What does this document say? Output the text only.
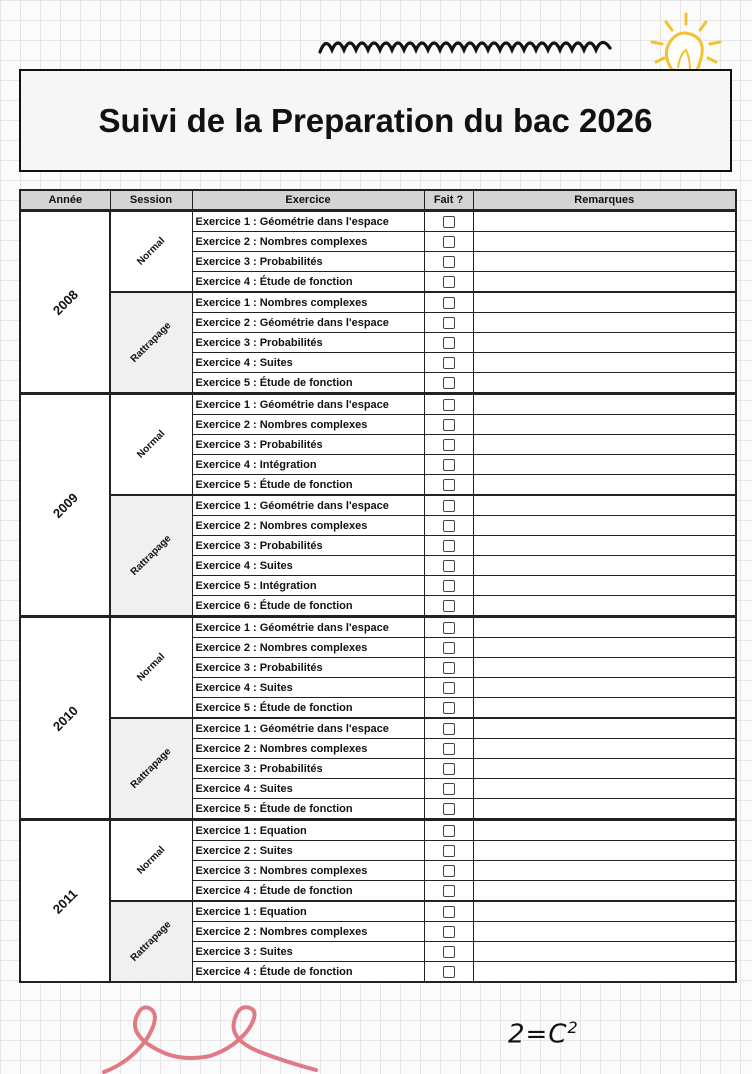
Suivi de la Preparation du bac 2026
Année	Session	Exercice	Fait ?	Remarques
2008	Normal	Exercice 1 : Géométrie dans l'espace		
		Exercice 2 : Nombres complexes		
		Exercice 3 : Probabilités		
		Exercice 4 : Étude de fonction		
	Rattrapage	Exercice 1 : Nombres complexes		
		Exercice 2 : Géométrie dans l'espace		
		Exercice 3 : Probabilités		
		Exercice 4 : Suites		
		Exercice 5 : Étude de fonction		
2009	Normal	Exercice 1 : Géométrie dans l'espace		
		Exercice 2 : Nombres complexes		
		Exercice 3 : Probabilités		
		Exercice 4 : Intégration		
		Exercice 5 : Étude de fonction		
	Rattrapage	Exercice 1 : Géométrie dans l'espace		
		Exercice 2 : Nombres complexes		
		Exercice 3 : Probabilités		
		Exercice 4 : Suites		
		Exercice 5 : Intégration		
		Exercice 6 : Étude de fonction		
2010	Normal	Exercice 1 : Géométrie dans l'espace		
		Exercice 2 : Nombres complexes		
		Exercice 3 : Probabilités		
		Exercice 4 : Suites		
		Exercice 5 : Étude de fonction		
	Rattrapage	Exercice 1 : Géométrie dans l'espace		
		Exercice 2 : Nombres complexes		
		Exercice 3 : Probabilités		
		Exercice 4 : Suites		
		Exercice 5 : Étude de fonction		
2011	Normal	Exercice 1 : Equation		
		Exercice 2 : Suites		
		Exercice 3 : Nombres complexes		
		Exercice 4 : Étude de fonction		
	Rattrapage	Exercice 1 : Equation		
		Exercice 2 : Nombres complexes		
		Exercice 3 : Suites		
		Exercice 4 : Étude de fonction		
$2=C^2$
